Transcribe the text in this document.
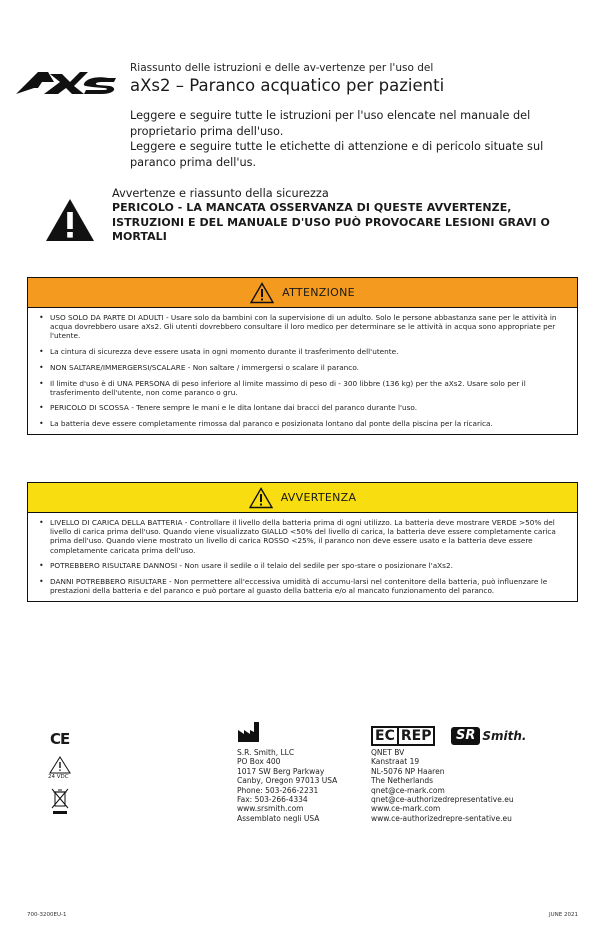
Riassunto delle istruzioni e delle av-vertenze per l'uso del
aXs2 – Paranco acquatico per pazienti

Leggere e seguire tutte le istruzioni per l'uso elencate nel manuale del proprietario prima dell'uso.

Leggere e seguire tutte le etichette di attenzione e di pericolo situate sul paranco prima dell'us.

Avvertenze e riassunto della sicurezza
PERICOLO - LA MANCATA OSSERVANZA DI QUESTE AVVERTENZE, ISTRUZIONI E DEL MANUALE D'USO PUÒ PROVOCARE LESIONI GRAVI O MORTALI
ATTENZIONE
• USO SOLO DA PARTE DI ADULTI - Usare solo da bambini con la supervisione di un adulto. Solo le persone abbastanza sane per le attività in acqua dovrebbero usare aXs2. Gli utenti dovrebbero consultare il loro medico per determinare se le attività in acqua sono appropriate per l'utente.
• La cintura di sicurezza deve essere usata in ogni momento durante il trasferimento dell'utente.
• NON SALTARE/IMMERGERSI/SCALARE - Non saltare / immergersi o scalare il paranco.
• Il limite d'uso è di UNA PERSONA di peso inferiore al limite massimo di peso di - 300 libbre (136 kg) per the aXs2. Usare solo per il trasferimento dell'utente, non come paranco o gru.
• PERICOLO DI SCOSSA - Tenere sempre le mani e le dita lontane dai bracci del paranco durante l'uso.
• La batteria deve essere completamente rimossa dal paranco e posizionata lontano dal ponte della piscina per la ricarica.
AVVERTENZA
• LIVELLO DI CARICA DELLA BATTERIA - Controllare il livello della batteria prima di ogni utilizzo. La batteria deve mostrare VERDE >50% del livello di carica prima dell'uso. Quando viene visualizzato GIALLO <50% del livello di carica, la batteria deve essere completamente carica prima dell'uso. Quando viene mostrato un livello di carica ROSSO <25%, il paranco non deve essere usato e la batteria deve essere completamente caricata prima dell'uso.
• POTREBBERO RISULTARE DANNOSI - Non usare il sedile o il telaio del sedile per spo-stare o posizionare l'aXs2.
• DANNI POTREBBERO RISULTARE - Non permettere all'eccessiva umidità di accumu-larsi nel contenitore della batteria, può influenzare le prestazioni della batteria e del paranco e può portare al guasto della batteria e/o al mancato funzionamento del paranco.
CE
24 VDC
S.R. Smith, LLC
PO Box 400
1017 SW Berg Parkway
Canby, Oregon 97013 USA
Phone: 503-266-2231
Fax: 503-266-4334
www.srsmith.com
Assemblato negli USA
EC REP	SR Smith.
QNET BV
Kanstraat 19
NL-5076 NP Haaren
The Netherlands
qnet@ce-mark.com
qnet@ce-authorizedrepresentative.eu
www.ce-mark.com
www.ce-authorizedrepre-sentative.eu
700-3200EU-1	JUNE 2021
